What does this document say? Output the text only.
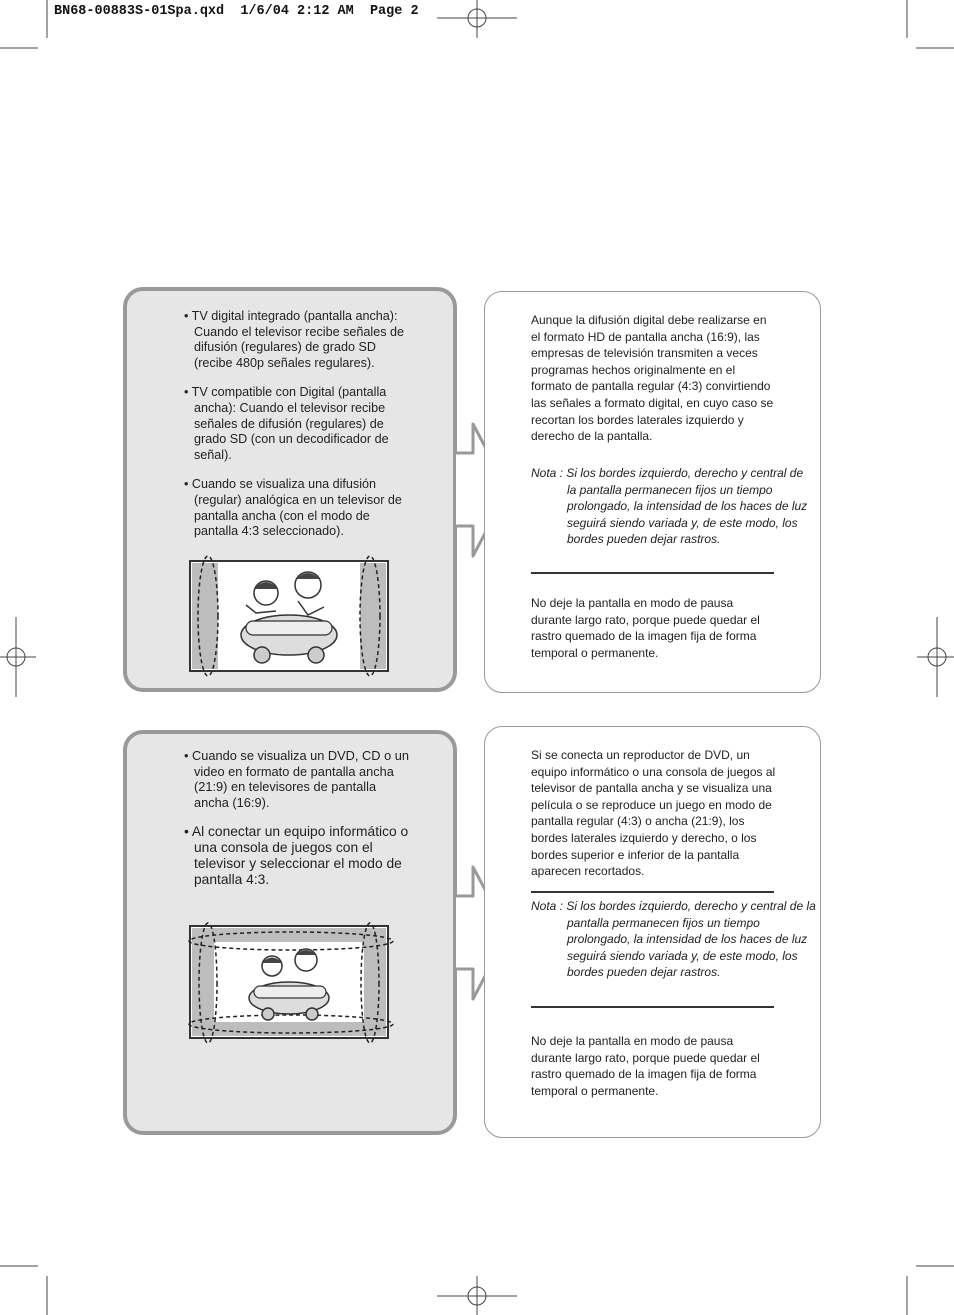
BN68-00883S-01Spa.qxd  1/6/04 2:12 AM  Page 2
• TV digital integrado (pantalla ancha): Cuando el televisor recibe señales de difusión (regulares) de grado SD (recibe 480p señales regulares).
• TV compatible con Digital (pantalla ancha): Cuando el televisor recibe señales de difusión (regulares) de grado SD (con un decodificador de señal).
• Cuando se visualiza una difusión (regular) analógica en un televisor de pantalla ancha (con el modo de pantalla 4:3 seleccionado).
Aunque la difusión digital debe realizarse en el formato HD de pantalla ancha (16:9), las empresas de televisión transmiten a veces programas hechos originalmente en el formato de pantalla regular (4:3) convirtiendo las señales a formato digital, en cuyo caso se recortan los bordes laterales izquierdo y derecho de la pantalla.
Nota : Si los bordes izquierdo, derecho y central de la pantalla permanecen fijos un tiempo prolongado, la intensidad de los haces de luz seguirá siendo variada y, de este modo, los bordes pueden dejar rastros.
No deje la pantalla en modo de pausa durante largo rato, porque puede quedar el rastro quemado de la imagen fija de forma temporal o permanente.
• Cuando se visualiza un DVD, CD o un video en formato de pantalla ancha (21:9) en televisores de pantalla ancha (16:9).
• Al conectar un equipo informático o una consola de juegos con el televisor y seleccionar el modo de pantalla 4:3.
Si se conecta un reproductor de DVD, un equipo informático o una consola de juegos al televisor de pantalla ancha y se visualiza una película o se reproduce un juego en modo de pantalla regular (4:3) o ancha (21:9), los bordes laterales izquierdo y derecho, o los bordes superior e inferior de la pantalla aparecen recortados.
Nota : Si los bordes izquierdo, derecho y central de la pantalla permanecen fijos un tiempo prolongado, la intensidad de los haces de luz seguirá siendo variada y, de este modo, los bordes pueden dejar rastros.
No deje la pantalla en modo de pausa durante largo rato, porque puede quedar el rastro quemado de la imagen fija de forma temporal o permanente.
